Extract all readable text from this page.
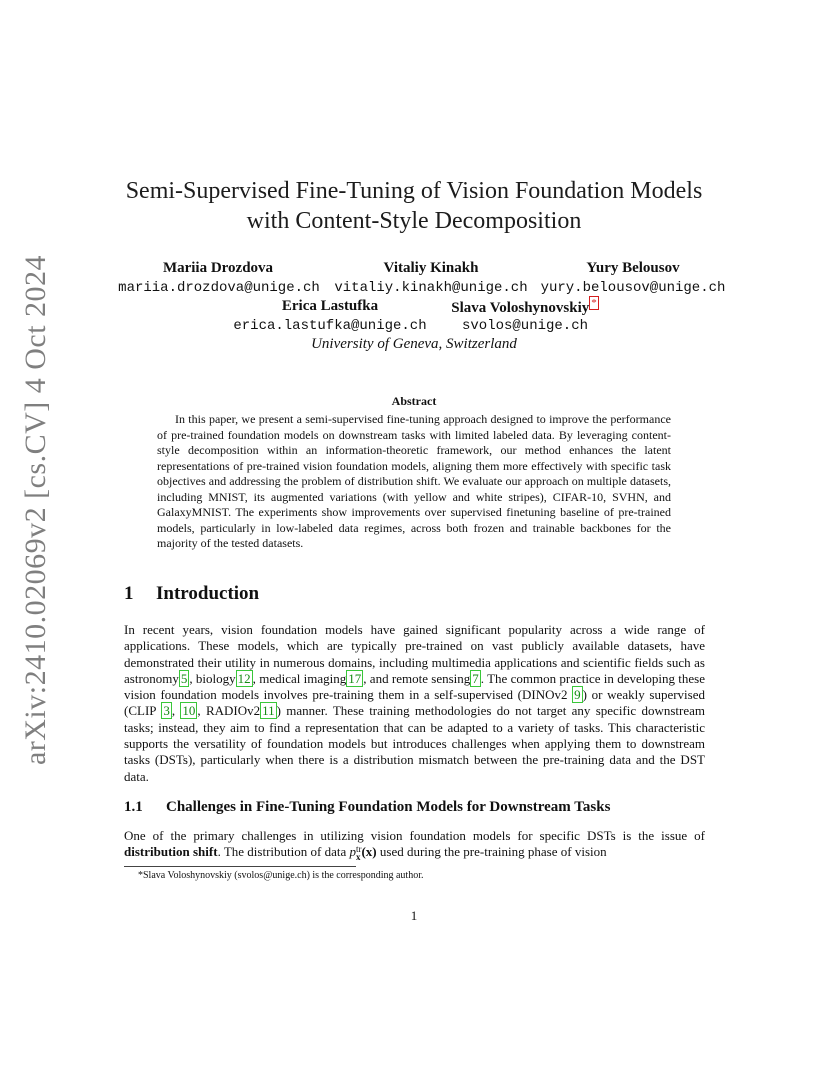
arXiv:2410.02069v2 [cs.CV] 4 Oct 2024
Semi-Supervised Fine-Tuning of Vision Foundation Models
with Content-Style Decomposition
Mariia Drozdova
mariia.drozdova@unige.ch
Vitaliy Kinakh
vitaliy.kinakh@unige.ch
Yury Belousov
yury.belousov@unige.ch
Erica Lastufka
erica.lastufka@unige.ch
Slava Voloshynovskiy *
svolos@unige.ch
University of Geneva, Switzerland
Abstract
In this paper, we present a semi-supervised fine-tuning approach designed to improve the performance of pre-trained foundation models on downstream tasks with limited labeled data. By leveraging content-style decomposition within an information-theoretic framework, our method enhances the latent representations of pre-trained vision foundation models, aligning them more effectively with specific task objectives and addressing the problem of distribution shift. We evaluate our approach on multiple datasets, including MNIST, its augmented variations (with yellow and white stripes), CIFAR-10, SVHN, and GalaxyMNIST. The experiments show improvements over supervised finetuning baseline of pre-trained models, particularly in low-labeled data regimes, across both frozen and trainable backbones for the majority of the tested datasets.
1 Introduction
In recent years, vision foundation models have gained significant popularity across a wide range of applications. These models, which are typically pre-trained on vast publicly available datasets, have demonstrated their utility in numerous domains, including multimedia applications and scientific fields such as astronomy 5 , biology 12 , medical imaging 17 , and remote sensing 7 . The common practice in developing these vision foundation models involves pre-training them in a self-supervised (DINOv2 9 ) or weakly supervised (CLIP 3 , 10 , RADIOv2 11 ) manner. These training methodologies do not target any specific downstream tasks; instead, they aim to find a representation that can be adapted to a variety of tasks. This characteristic supports the versatility of foundation models but introduces challenges when applying them to downstream tasks (DSTs), particularly when there is a distribution mismatch between the pre-training data and the DST data.
1.1 Challenges in Fine-Tuning Foundation Models for Downstream Tasks
One of the primary challenges in utilizing vision foundation models for specific DSTs is the issue of distribution shift. The distribution of data p tr
x (x) used during the pre-training phase of vision
*Slava Voloshynovskiy (svolos@unige.ch) is the corresponding author.
1
